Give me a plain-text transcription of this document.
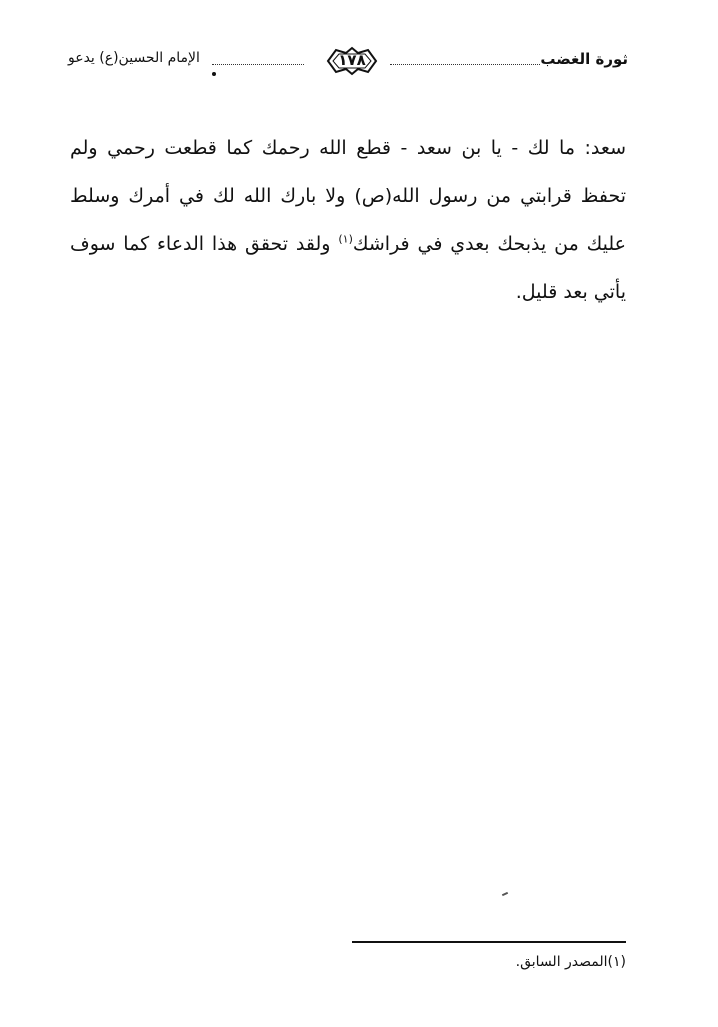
ثورة الغضب
١٧٨
الإمام الحسين(ع) يدعو
سعد: ما لك - يا بن سعد - قطع الله رحمك كما قطعت رحمي ولم تحفظ قرابتي من رسول الله(ص) ولا بارك الله لك في أمرك وسلط عليك من يذبحك بعدي في فراشك$^{(١)}$ ولقد تحقق هذا الدعاء كما سوف يأتي بعد قليل.
(١)المصدر السابق.
